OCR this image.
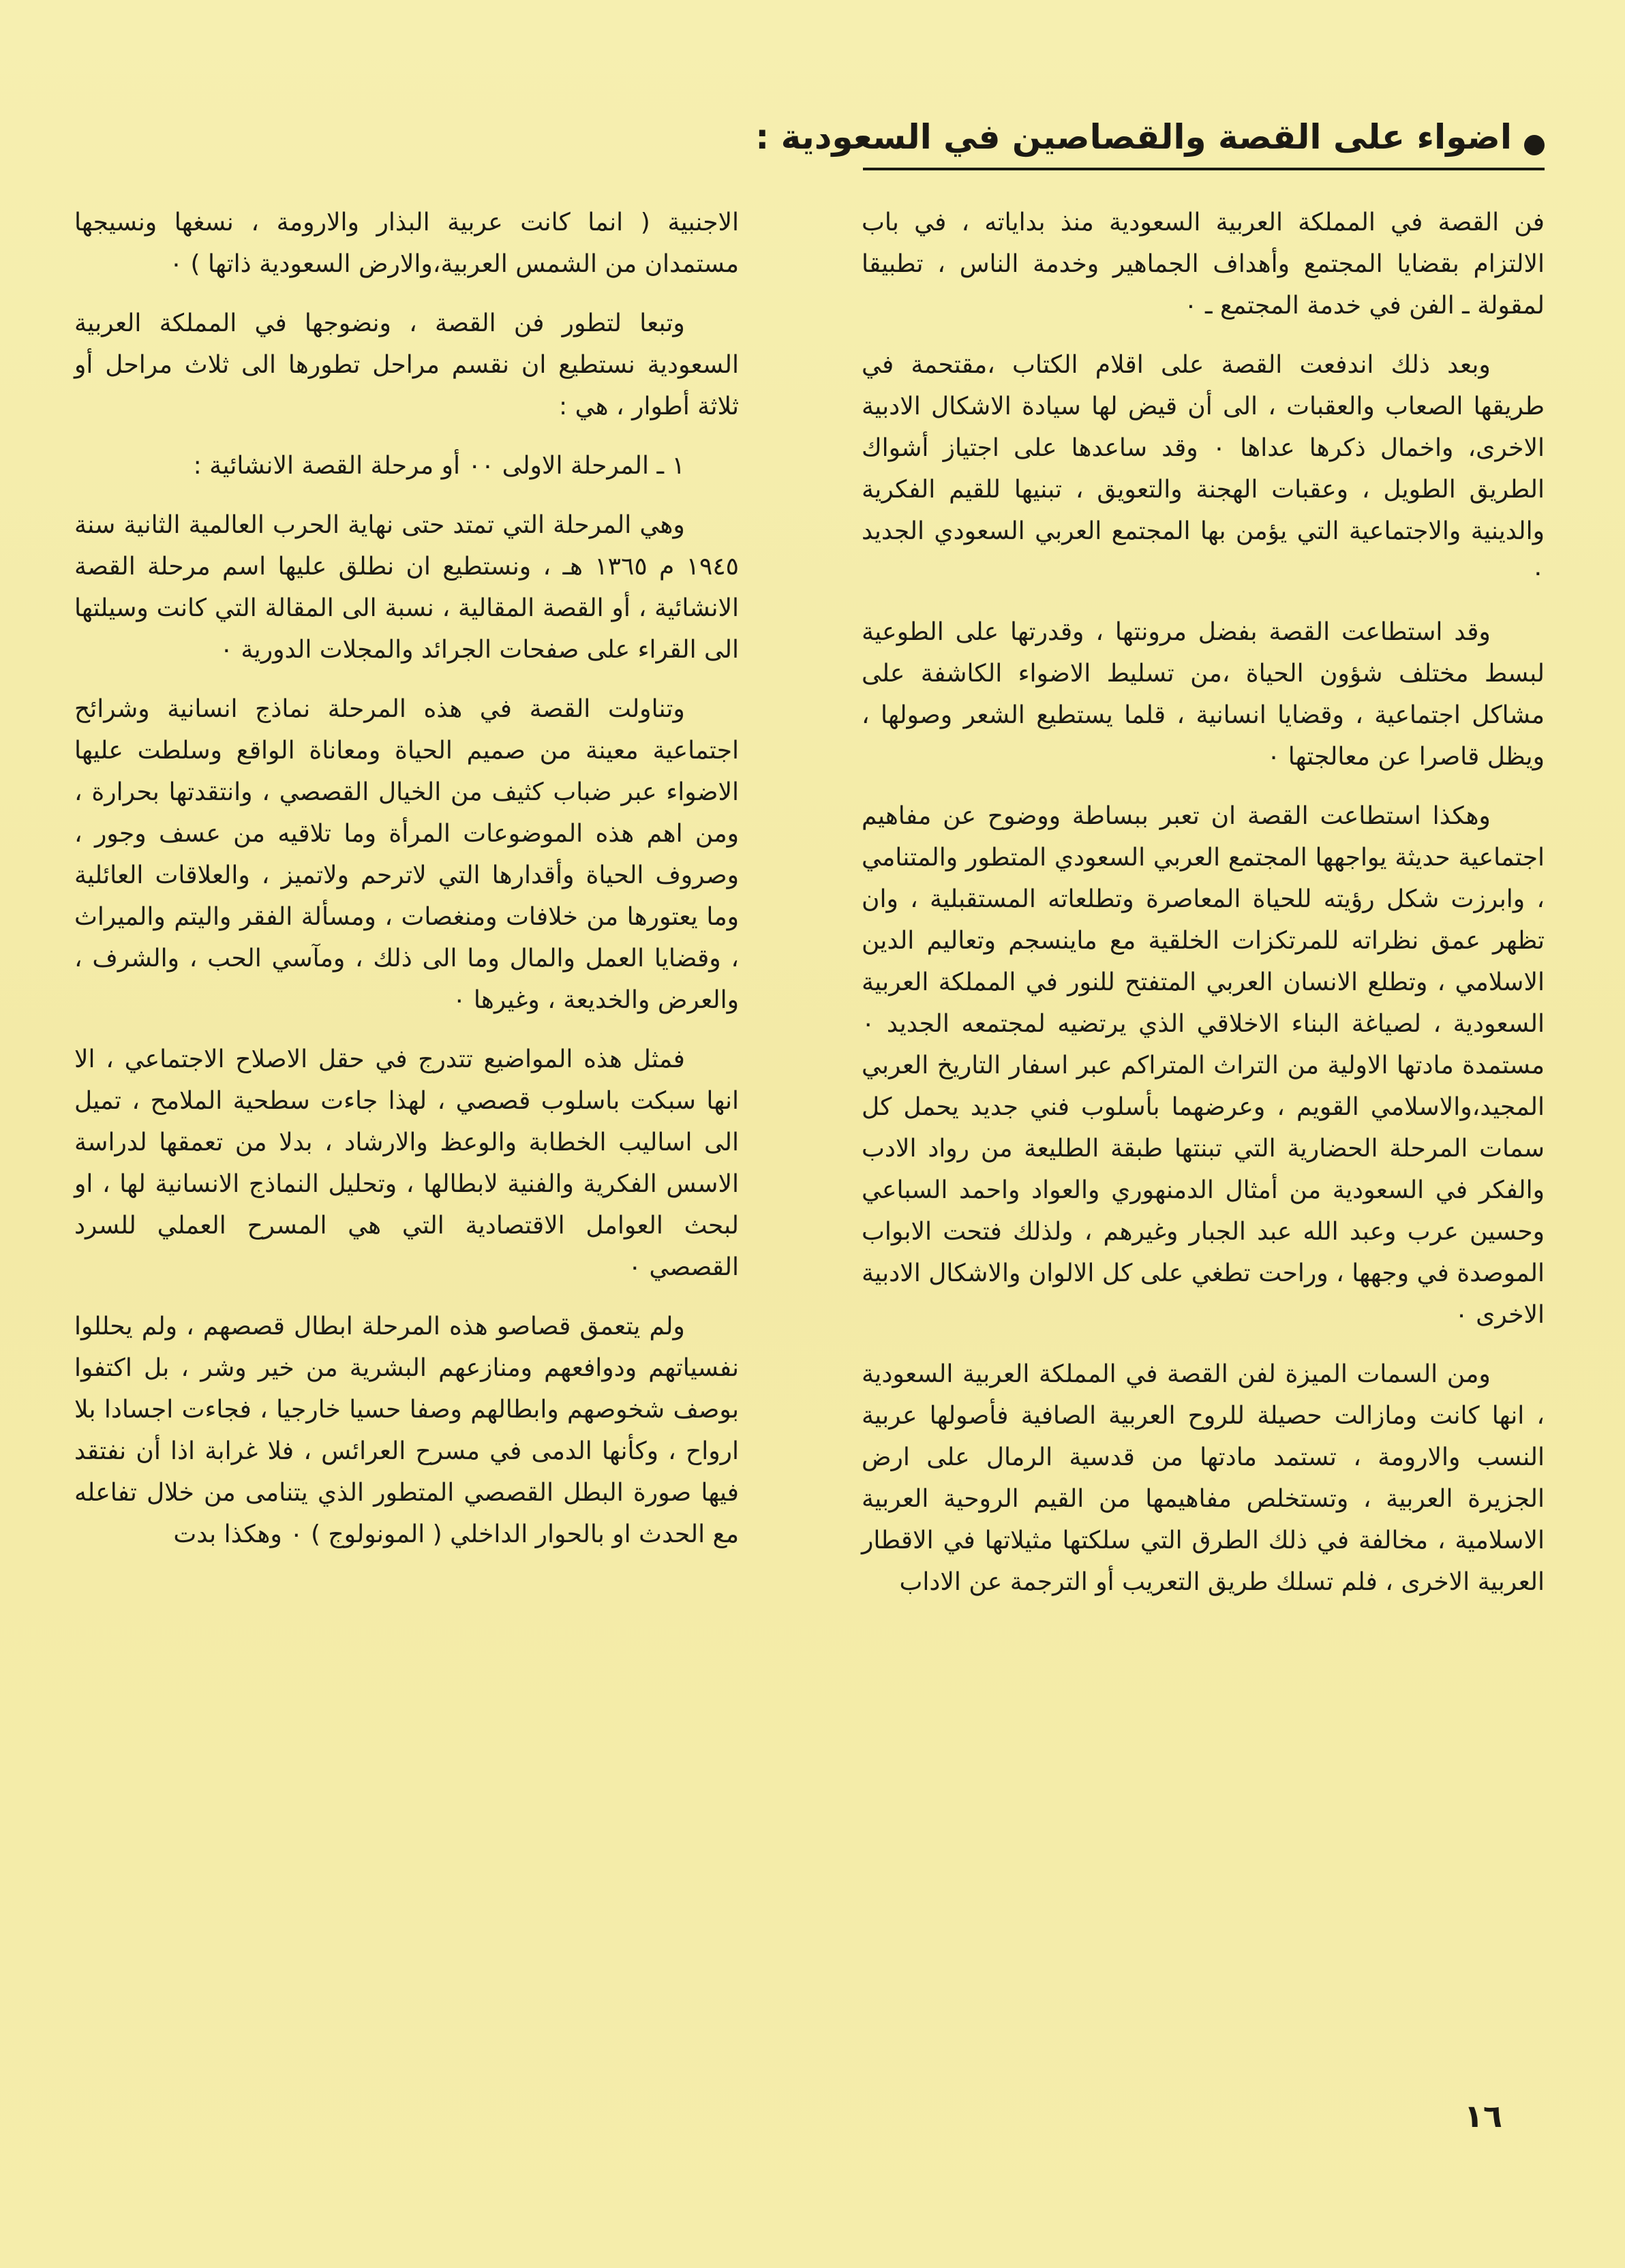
اضواء على القصة والقصاصين في السعودية :

فن القصة في المملكة العربية السعودية منذ بداياته ، في باب الالتزام بقضايا المجتمع وأهداف الجماهير وخدمة الناس ، تطبيقا لمقولة ـ الفن في خدمة المجتمع ـ ٠

وبعد ذلك اندفعت القصة على اقلام الكتاب ،مقتحمة في طريقها الصعاب والعقبات ، الى أن قيض لها سيادة الاشكال الادبية الاخرى، واخمال ذكرها عداها ٠ وقد ساعدها على اجتياز أشواك الطريق الطويل ، وعقبات الهجنة والتعويق ، تبنيها للقيم الفكرية والدينية والاجتماعية التي يؤمن بها المجتمع العربي السعودي الجديد ٠

وقد استطاعت القصة بفضل مرونتها ، وقدرتها على الطوعية لبسط مختلف شؤون الحياة ،من تسليط الاضواء الكاشفة على مشاكل اجتماعية ، وقضايا انسانية ، قلما يستطيع الشعر وصولها ، ويظل قاصرا عن معالجتها ٠

وهكذا استطاعت القصة ان تعبر ببساطة ووضوح عن مفاهيم اجتماعية حديثة يواجهها المجتمع العربي السعودي المتطور والمتنامي ، وابرزت شكل رؤيته للحياة المعاصرة وتطلعاته المستقبلية ، وان تظهر عمق نظراته للمرتكزات الخلقية مع ماينسجم وتعاليم الدين الاسلامي ، وتطلع الانسان العربي المتفتح للنور في المملكة العربية السعودية ، لصياغة البناء الاخلاقي الذي يرتضيه لمجتمعه الجديد ٠ مستمدة مادتها الاولية من التراث المتراكم عبر اسفار التاريخ العربي المجيد،والاسلامي القويم ، وعرضهما بأسلوب فني جديد يحمل كل سمات المرحلة الحضارية التي تبنتها طبقة الطليعة من رواد الادب والفكر في السعودية من أمثال الدمنهوري والعواد واحمد السباعي وحسين عرب وعبد الله عبد الجبار وغيرهم ، ولذلك فتحت الابواب الموصدة في وجهها ، وراحت تطغي على كل الالوان والاشكال الادبية الاخرى ٠

ومن السمات الميزة لفن القصة في المملكة العربية السعودية ، انها كانت ومازالت حصيلة للروح العربية الصافية فأصولها عربية النسب والارومة ، تستمد مادتها من قدسية الرمال على ارض الجزيرة العربية ، وتستخلص مفاهيمها من القيم الروحية العربية الاسلامية ، مخالفة في ذلك الطرق التي سلكتها مثيلاتها في الاقطار العربية الاخرى ، فلم تسلك طريق التعريب أو الترجمة عن الاداب

الاجنبية ( انما كانت عربية البذار والارومة ، نسغها ونسيجها مستمدان من الشمس العربية،والارض السعودية ذاتها ) ٠

وتبعا لتطور فن القصة ، ونضوجها في المملكة العربية السعودية نستطيع ان نقسم مراحل تطورها الى ثلاث مراحل أو ثلاثة أطوار ، هي :

١ ـ المرحلة الاولى ٠٠ أو مرحلة القصة الانشائية :

وهي المرحلة التي تمتد حتى نهاية الحرب العالمية الثانية سنة ١٩٤٥ م ١٣٦٥ هـ ، ونستطيع ان نطلق عليها اسم مرحلة القصة الانشائية ، أو القصة المقالية ، نسبة الى المقالة التي كانت وسيلتها الى القراء على صفحات الجرائد والمجلات الدورية ٠

وتناولت القصة في هذه المرحلة نماذج انسانية وشرائح اجتماعية معينة من صميم الحياة ومعاناة الواقع وسلطت عليها الاضواء عبر ضباب كثيف من الخيال القصصي ، وانتقدتها بحرارة ، ومن اهم هذه الموضوعات المرأة وما تلاقيه من عسف وجور ، وصروف الحياة وأقدارها التي لاترحم ولاتميز ، والعلاقات العائلية وما يعتورها من خلافات ومنغصات ، ومسألة الفقر واليتم والميراث ، وقضايا العمل والمال وما الى ذلك ، ومآسي الحب ، والشرف ، والعرض والخديعة ، وغيرها ٠

فمثل هذه المواضيع تتدرج في حقل الاصلاح الاجتماعي ، الا انها سبكت باسلوب قصصي ، لهذا جاءت سطحية الملامح ، تميل الى اساليب الخطابة والوعظ والارشاد ، بدلا من تعمقها لدراسة الاسس الفكرية والفنية لابطالها ، وتحليل النماذج الانسانية لها ، او لبحث العوامل الاقتصادية التي هي المسرح العملي للسرد القصصي ٠

ولم يتعمق قصاصو هذه المرحلة ابطال قصصهم ، ولم يحللوا نفسياتهم ودوافعهم ومنازعهم البشرية من خير وشر ، بل اكتفوا بوصف شخوصهم وابطالهم وصفا حسيا خارجيا ، فجاءت اجسادا بلا ارواح ، وكأنها الدمى في مسرح العرائس ، فلا غرابة اذا أن نفتقد فيها صورة البطل القصصي المتطور الذي يتنامى من خلال تفاعله مع الحدث او بالحوار الداخلي ( المونولوج ) ٠ وهكذا بدت

١٦
